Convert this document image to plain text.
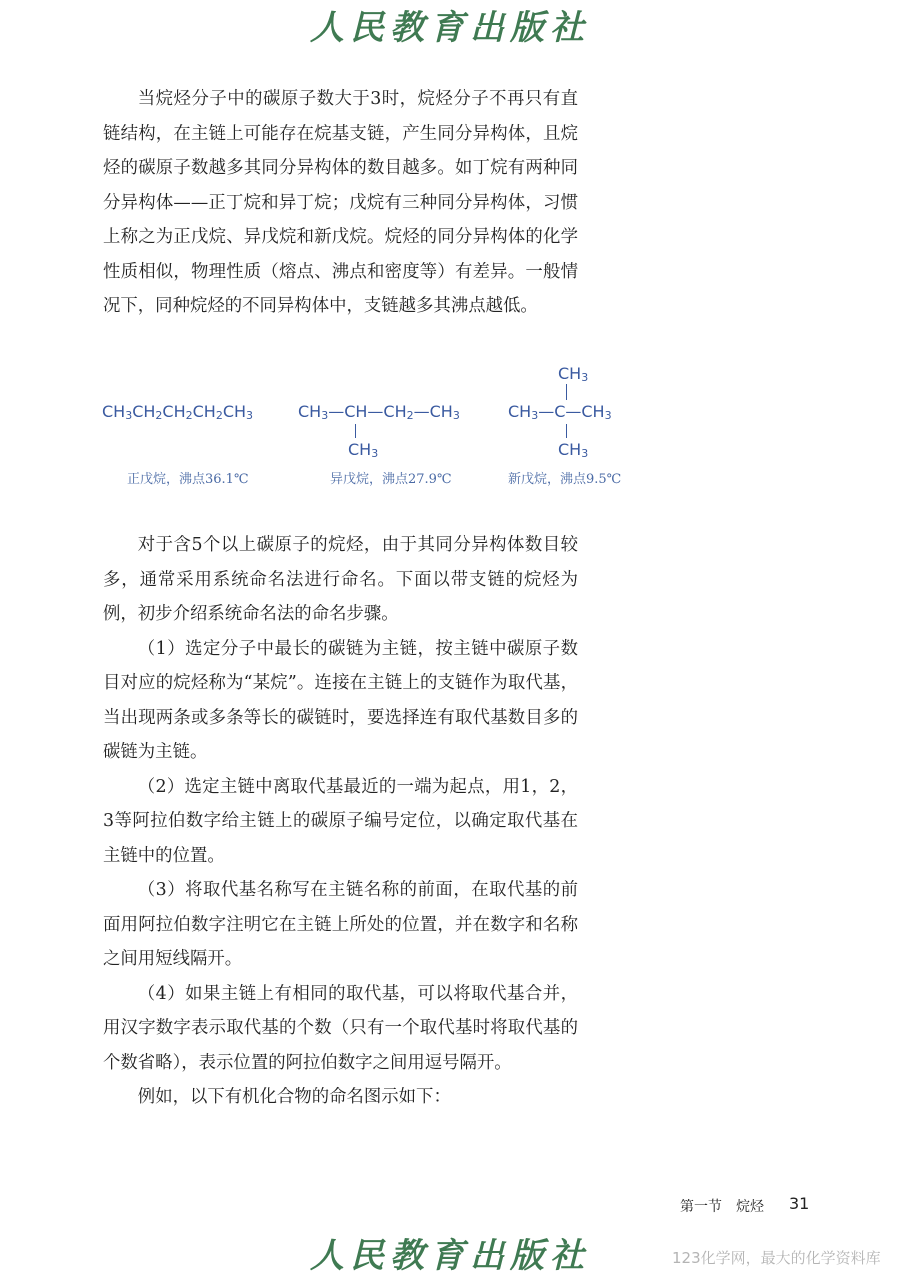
人民教育出版社

当烷烃分子中的碳原子数大于3时，烷烃分子不再只有直链结构，在主链上可能存在烷基支链，产生同分异构体，且烷烃的碳原子数越多其同分异构体的数目越多。如丁烷有两种同分异构体——正丁烷和异丁烷；戊烷有三种同分异构体，习惯上称之为正戊烷、异戊烷和新戊烷。烷烃的同分异构体的化学性质相似，物理性质（熔点、沸点和密度等）有差异。一般情况下，同种烷烃的不同异构体中，支链越多其沸点越低。

$CH_3CH_2CH_2CH_2CH_3$	$CH_3—CH—CH_2—CH_3$
$CH_3$
$CH_3$
$CH_3—C—CH_3$
$CH_3$
正戊烷，沸点36.1℃	异戊烷，沸点27.9℃	新戊烷，沸点9.5℃

对于含5个以上碳原子的烷烃，由于其同分异构体数目较多，通常采用系统命名法进行命名。下面以带支链的烷烃为例，初步介绍系统命名法的命名步骤。

（1）选定分子中最长的碳链为主链，按主链中碳原子数目对应的烷烃称为“某烷”。连接在主链上的支链作为取代基，当出现两条或多条等长的碳链时，要选择连有取代基数目多的碳链为主链。

（2）选定主链中离取代基最近的一端为起点，用1，2，3等阿拉伯数字给主链上的碳原子编号定位，以确定取代基在主链中的位置。

（3）将取代基名称写在主链名称的前面，在取代基的前面用阿拉伯数字注明它在主链上所处的位置，并在数字和名称之间用短线隔开。

（4）如果主链上有相同的取代基，可以将取代基合并，用汉字数字表示取代基的个数（只有一个取代基时将取代基的个数省略），表示位置的阿拉伯数字之间用逗号隔开。

例如，以下有机化合物的命名图示如下：

第一节　烷烃 31
人民教育出版社	123化学网，最大的化学资料库
